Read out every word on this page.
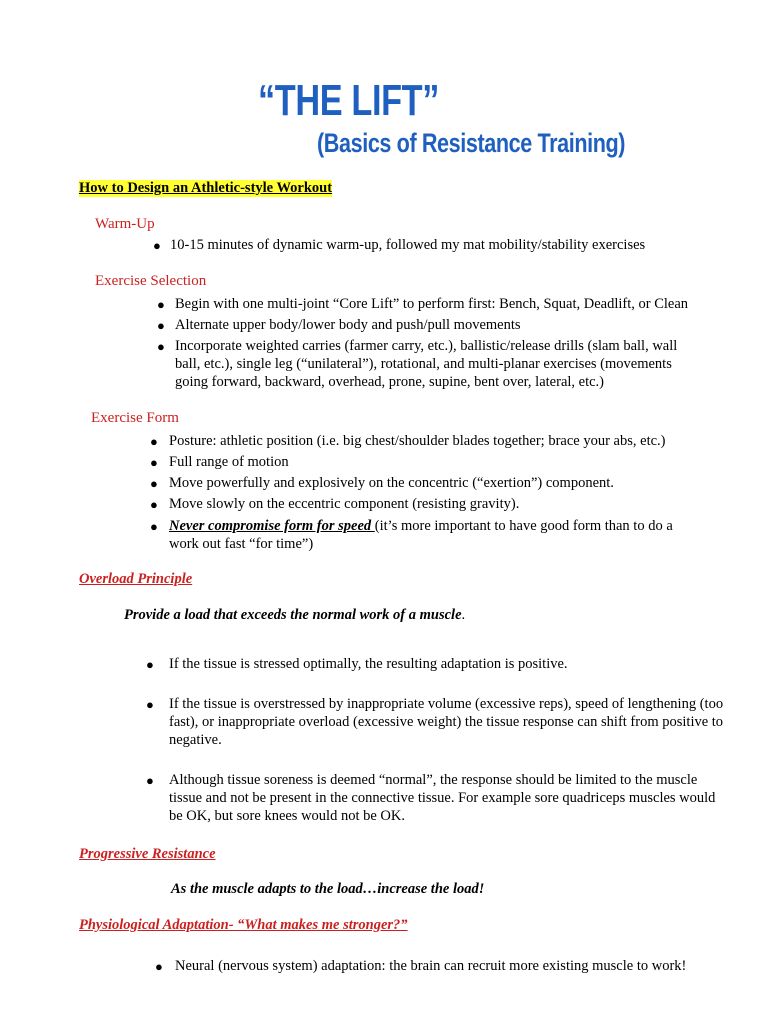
“THE LIFT”
(Basics of Resistance Training)
How to Design an Athletic-style Workout
Warm-Up
● 10-15 minutes of dynamic warm-up, followed my mat mobility/stability exercises
Exercise Selection
● Begin with one multi-joint “Core Lift” to perform first: Bench, Squat, Deadlift, or Clean
● Alternate upper body/lower body and push/pull movements
● Incorporate weighted carries (farmer carry, etc.), ballistic/release drills (slam ball, wall ball, etc.), single leg (“unilateral”), rotational, and multi-planar exercises (movements going forward, backward, overhead, prone, supine, bent over, lateral, etc.)
Exercise Form
● Posture: athletic position (i.e. big chest/shoulder blades together; brace your abs, etc.)
● Full range of motion
● Move powerfully and explosively on the concentric (“exertion”) component.
● Move slowly on the eccentric component (resisting gravity).
● Never compromise form for speed (it’s more important to have good form than to do a work out fast “for time”)
Overload Principle
Provide a load that exceeds the normal work of a muscle.
● If the tissue is stressed optimally, the resulting adaptation is positive.
● If the tissue is overstressed by inappropriate volume (excessive reps), speed of lengthening (too fast), or inappropriate overload (excessive weight) the tissue response can shift from positive to negative.
● Although tissue soreness is deemed “normal”, the response should be limited to the muscle tissue and not be present in the connective tissue. For example sore quadriceps muscles would be OK, but sore knees would not be OK.
Progressive Resistance
As the muscle adapts to the load…increase the load!
Physiological Adaptation- “What makes me stronger?”
● Neural (nervous system) adaptation: the brain can recruit more existing muscle to work!
